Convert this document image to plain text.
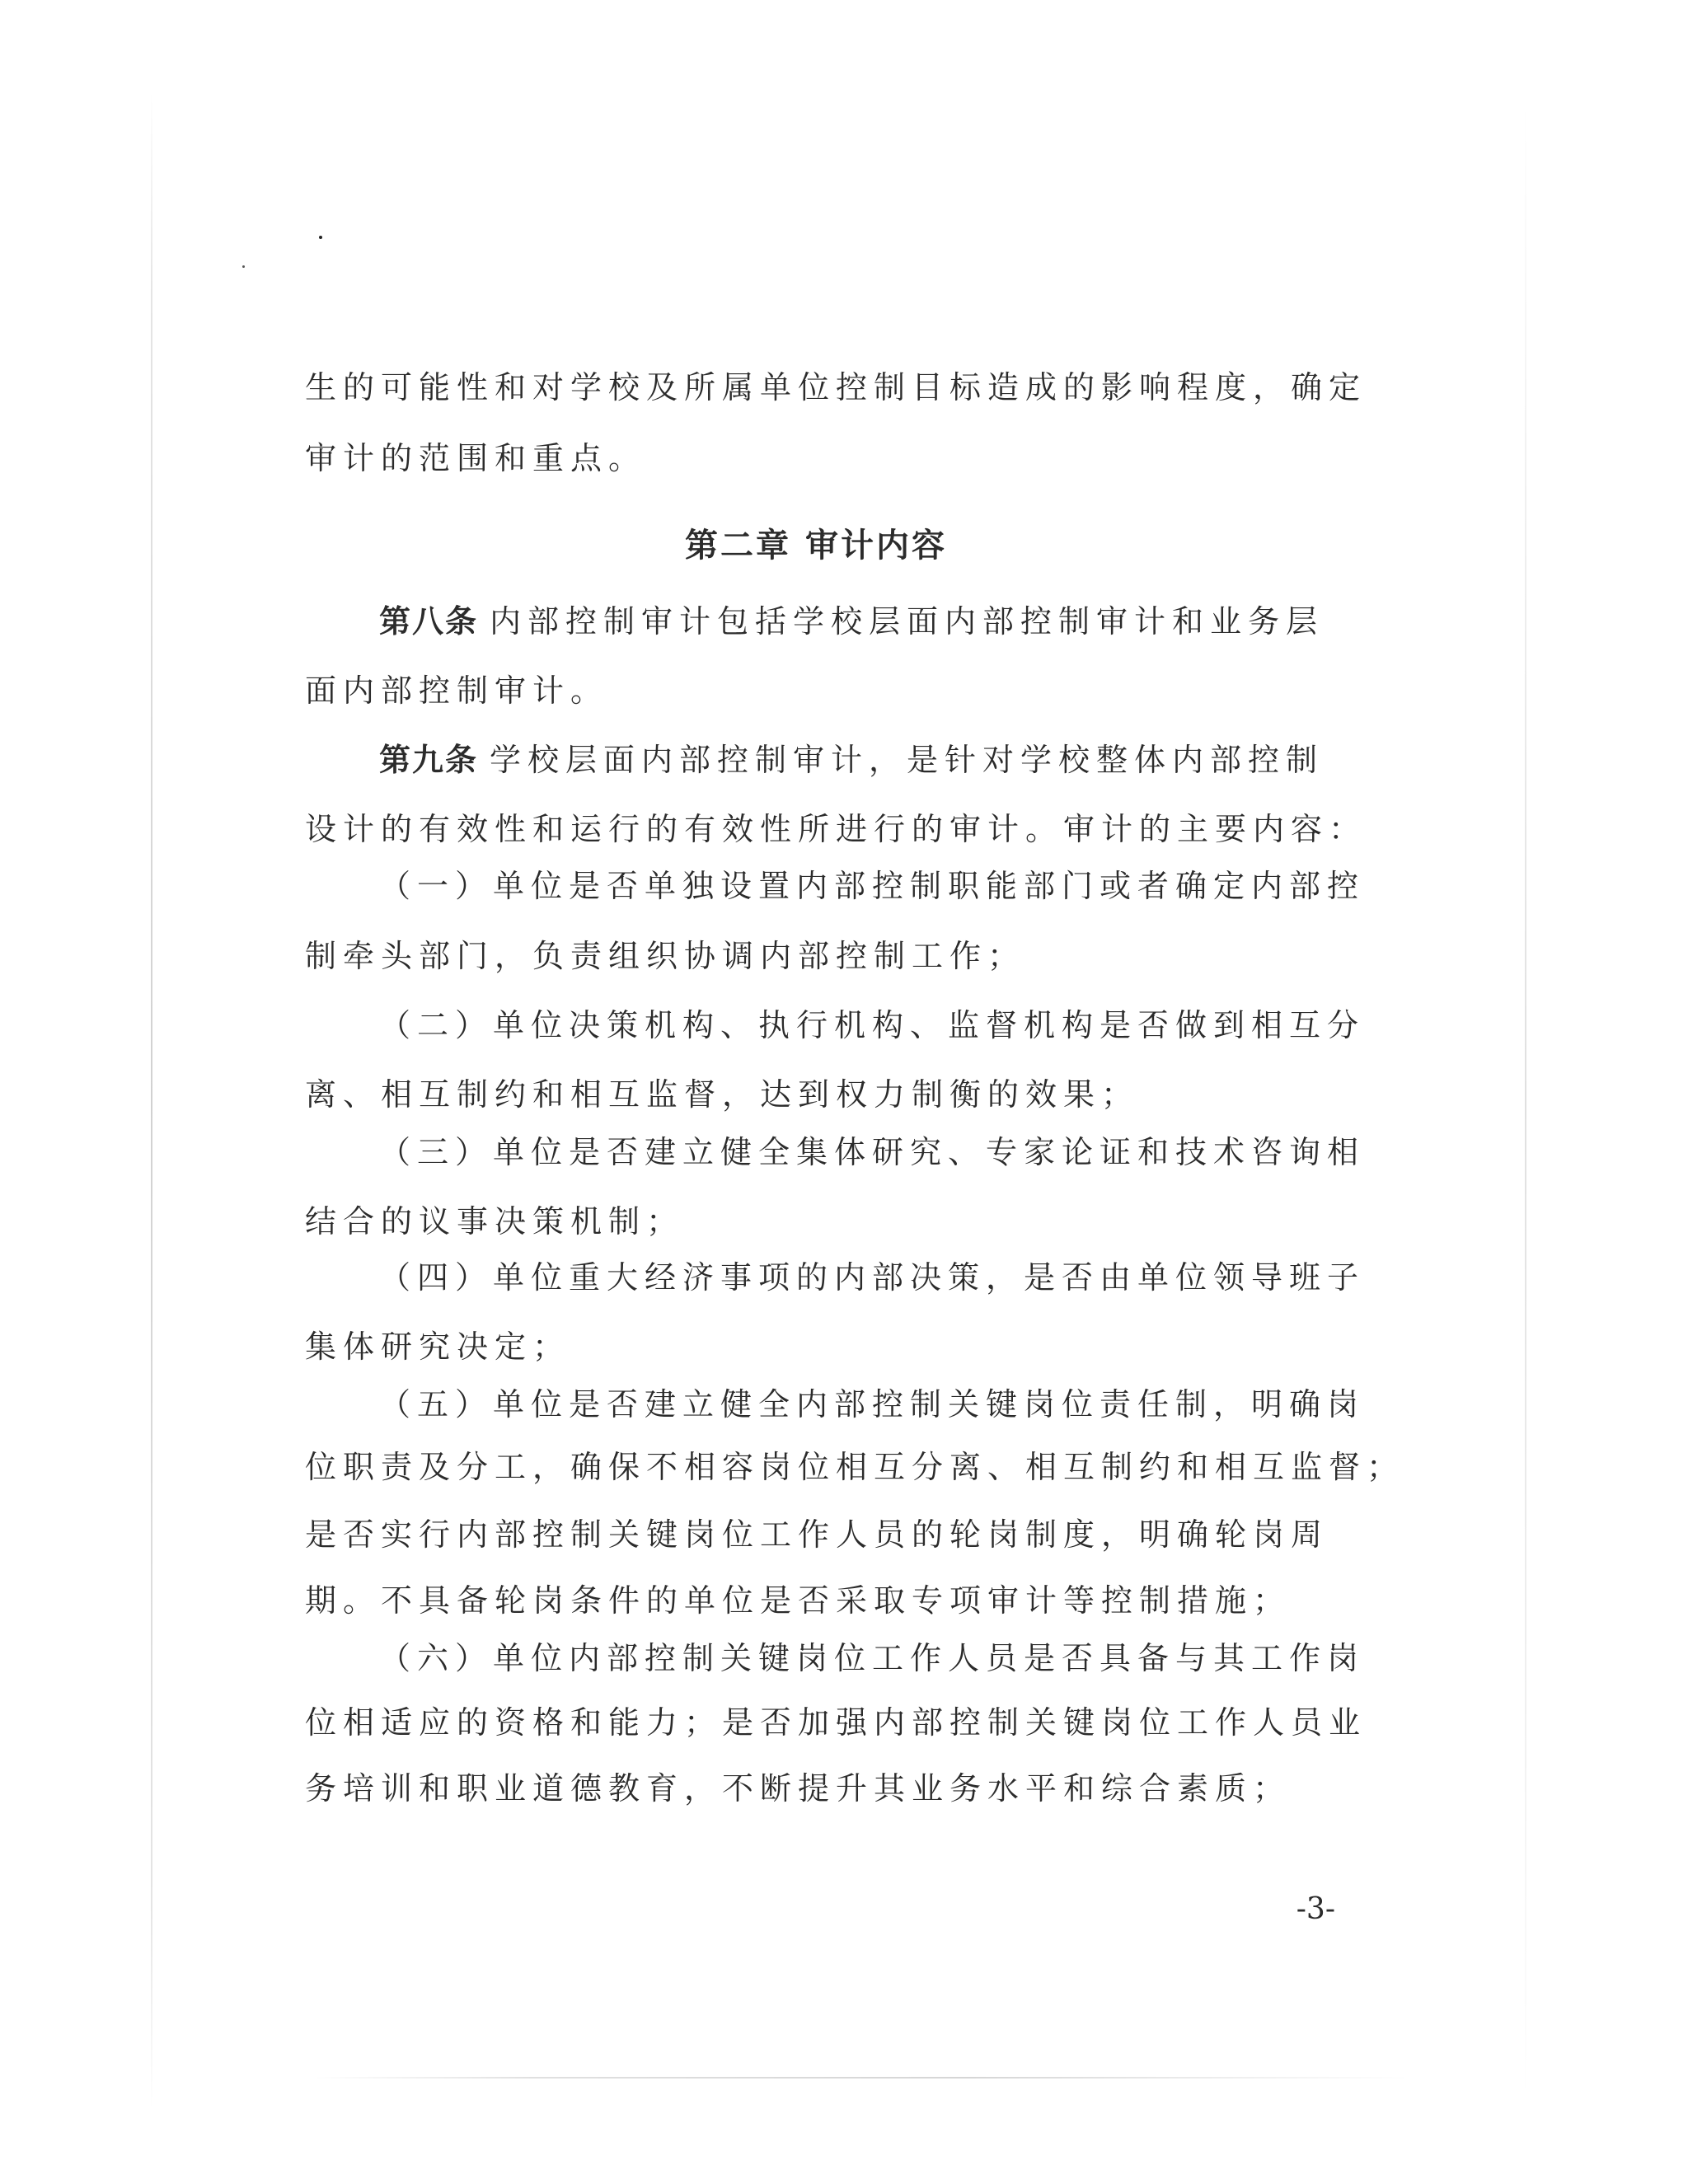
生的可能性和对学校及所属单位控制目标造成的影响程度，确定
审计的范围和重点。
第二章 审计内容
第八条 内部控制审计包括学校层面内部控制审计和业务层
面内部控制审计。
第九条 学校层面内部控制审计，是针对学校整体内部控制
设计的有效性和运行的有效性所进行的审计。审计的主要内容：
（一）单位是否单独设置内部控制职能部门或者确定内部控
制牵头部门，负责组织协调内部控制工作；
（二）单位决策机构、执行机构、监督机构是否做到相互分
离、相互制约和相互监督，达到权力制衡的效果；
（三）单位是否建立健全集体研究、专家论证和技术咨询相
结合的议事决策机制；
（四）单位重大经济事项的内部决策，是否由单位领导班子
集体研究决定；
（五）单位是否建立健全内部控制关键岗位责任制，明确岗
位职责及分工，确保不相容岗位相互分离、相互制约和相互监督；
是否实行内部控制关键岗位工作人员的轮岗制度，明确轮岗周
期。不具备轮岗条件的单位是否采取专项审计等控制措施；
（六）单位内部控制关键岗位工作人员是否具备与其工作岗
位相适应的资格和能力；是否加强内部控制关键岗位工作人员业
务培训和职业道德教育，不断提升其业务水平和综合素质；
-3-
